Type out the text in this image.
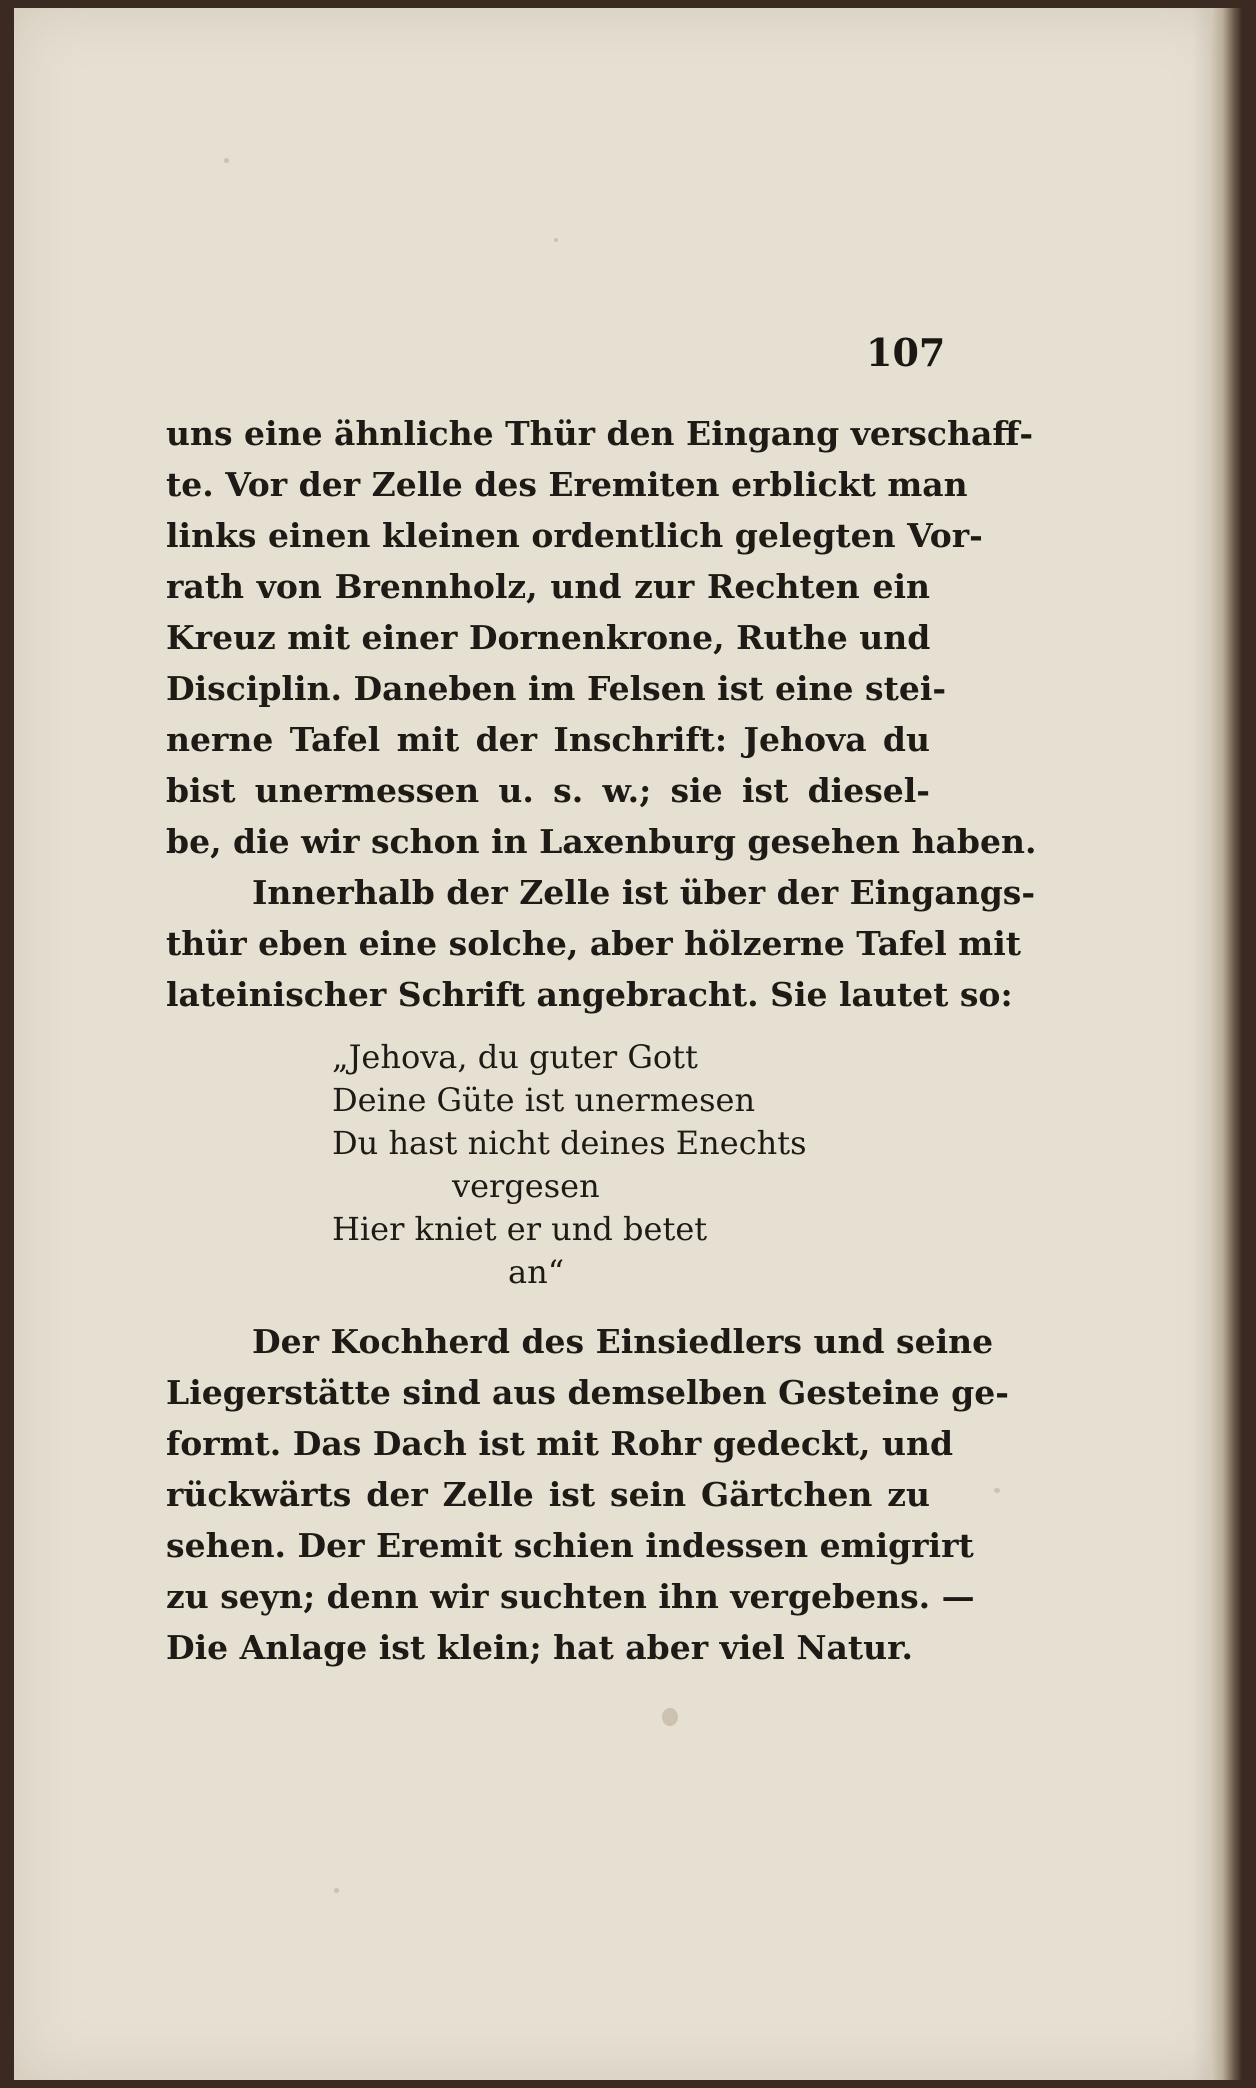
107
uns eine ähnliche Thür den Eingang verschaff-
te. Vor der Zelle des Eremiten erblickt man
links einen kleinen ordentlich gelegten Vor-
rath von Brennholz, und zur Rechten ein
Kreuz mit einer Dornenkrone, Ruthe und
Disciplin. Daneben im Felsen ist eine stei-
nerne Tafel mit der Inschrift: Jehova du
bist unermessen u. s. w.; sie ist diesel-
be, die wir schon in Laxenburg gesehen haben.
Innerhalb der Zelle ist über der Eingangs-
thür eben eine solche, aber hölzerne Tafel mit
lateinischer Schrift angebracht. Sie lautet so:
„Jehova, du guter Gott
Deine Güte ist unermesen
Du hast nicht deines Enechts
vergesen
Hier kniet er und betet
an“
Der Kochherd des Einsiedlers und seine
Liegerstätte sind aus demselben Gesteine ge-
formt. Das Dach ist mit Rohr gedeckt, und
rückwärts der Zelle ist sein Gärtchen zu
sehen. Der Eremit schien indessen emigrirt
zu seyn; denn wir suchten ihn vergebens. —
Die Anlage ist klein; hat aber viel Natur.
